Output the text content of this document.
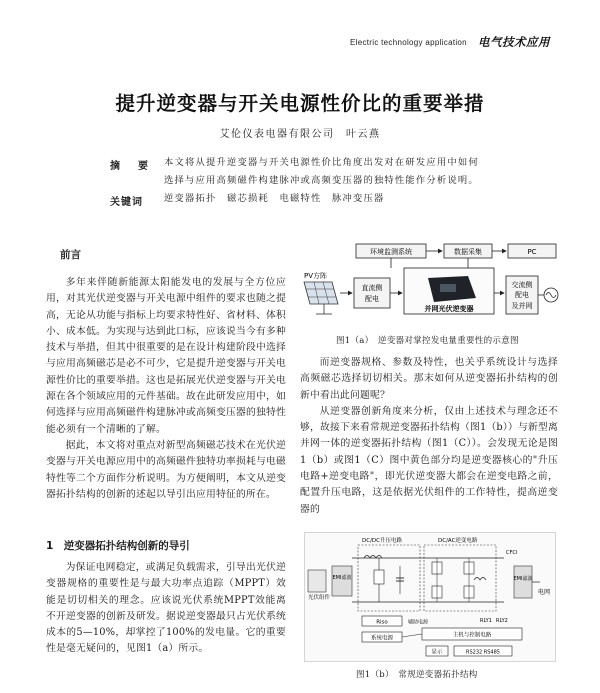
Electric technology application 电气技术应用
提升逆变器与开关电源性价比的重要举措
艾伦仪表电器有限公司　叶云燕
摘　要 本文将从提升逆变器与开关电源性价比角度出发对在研发应用中如何
选择与应用高频磁件构建脉冲或高频变压器的独特性能作分析说明。
关键词 逆变器拓扑　磁芯损耗　电磁特性　脉冲变压器
前言

多年来伴随新能源太阳能发电的发展与全方位应用，对其光伏逆变器与开关电源中组件的要求也随之提高，无论从功能与指标上均要求特性好、省材料、体积小、成本低。为实现与达到此口标，应该说当今有多种技术与举措，但其中很重要的是在设计构建阶段中选择与应用高频磁芯是必不可少，它是提升逆变器与开关电源性价比的重要举措。这也是拓展光伏逆变器与开关电源在各个领域应用的元件基础。故在此研发应用中，如何选择与应用高频磁件构建脉冲或高频变压器的独特性能必须有一个清晰的了解。

据此，本文将对重点对新型高频磁芯技术在光伏逆变器与开关电源应用中的高频磁件独特功率损耗与电磁特性等二个方面作分析说明。为方便阐明，本文从逆变器拓扑结构的创新的述起以导引出应用特征的所在。

1　逆变器拓扑结构创新的导引

为保证电网稳定，或满足负载需求，引导出光伏逆变器规格的重要性是与最大功率点追踪（MPPT）效能是切切相关的理念。应该说光伏系统MPPT效能离不开逆变器的创新及研发。据说逆变器最只占光伏系统成本的5—10%，却掌控了100%的发电量。它的重要性是毫无疑问的，见图1（a）所示。

环境监测系统	数据采集	PC
PV方阵
直流侧
配电
并网光伏逆变器
交流侧
配电
及并网
图1（a）　逆变器对掌控发电量重要性的示意图

而逆变器规格、参数及特性，也关乎系统设计与选择高频磁芯选择切切相关。那末如何从逆变器拓扑结构的创新中看出此问题呢？

从逆变器创新角度来分析，仅由上述技术与理念还不够，故接下来看常规逆变器拓扑结构（图1（b））与新型离并网一体的逆变器拓扑结构（图1（C））。会发现无论是图1（b）或图1（C）图中黄色部分均是逆变器核心的"升压电路+逆变电路"，即光伏逆变器大都会在逆变电路之前，配置升压电路，这是依据光伏组件的工作特性，提高逆变器的

DC/DC升压电路	DC/AC逆变电路
光伏组件
EMI滤波
RLY1 RLY2
CFCI
EMI滤波
电网
Riso	辅助电源
系统电源	主机与控制电路
显示	RS232 RS485
图1（b）　常规逆变器拓扑结构
